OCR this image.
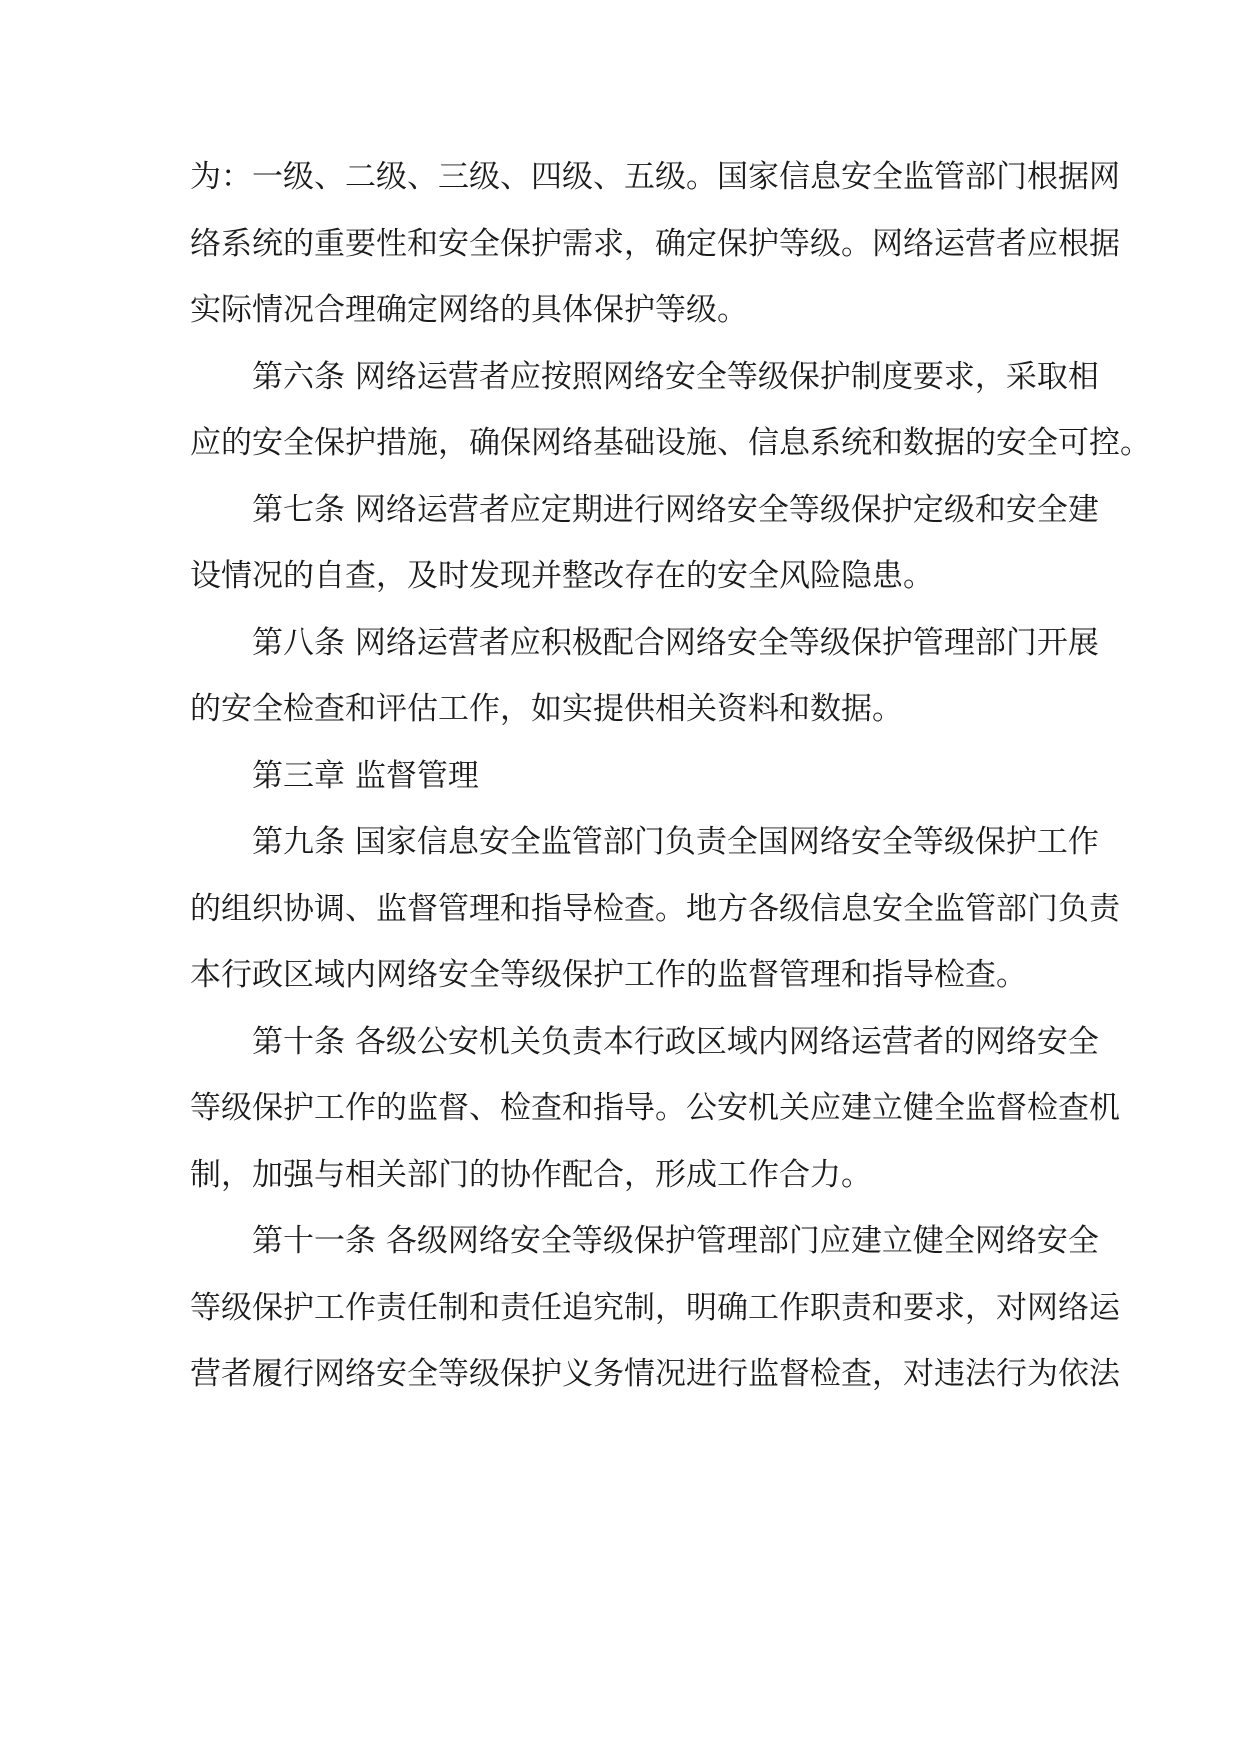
为：一级、二级、三级、四级、五级。国家信息安全监管部门根据网
络系统的重要性和安全保护需求，确定保护等级。网络运营者应根据
实际情况合理确定网络的具体保护等级。

第六条 网络运营者应按照网络安全等级保护制度要求，采取相
应的安全保护措施，确保网络基础设施、信息系统和数据的安全可控。

第七条 网络运营者应定期进行网络安全等级保护定级和安全建
设情况的自查，及时发现并整改存在的安全风险隐患。

第八条 网络运营者应积极配合网络安全等级保护管理部门开展
的安全检查和评估工作，如实提供相关资料和数据。

第三章 监督管理

第九条 国家信息安全监管部门负责全国网络安全等级保护工作
的组织协调、监督管理和指导检查。地方各级信息安全监管部门负责
本行政区域内网络安全等级保护工作的监督管理和指导检查。

第十条 各级公安机关负责本行政区域内网络运营者的网络安全
等级保护工作的监督、检查和指导。公安机关应建立健全监督检查机
制，加强与相关部门的协作配合，形成工作合力。

第十一条 各级网络安全等级保护管理部门应建立健全网络安全
等级保护工作责任制和责任追究制，明确工作职责和要求，对网络运
营者履行网络安全等级保护义务情况进行监督检查，对违法行为依法
